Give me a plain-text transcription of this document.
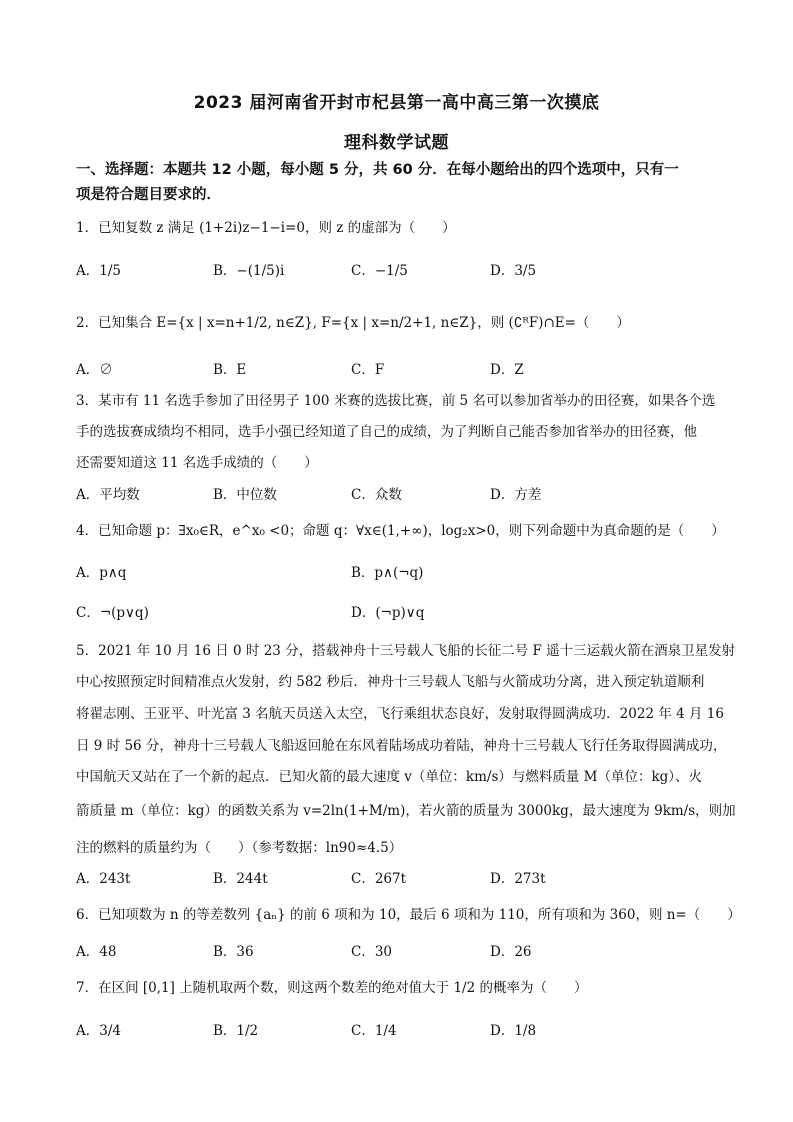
2023 届河南省开封市杞县第一高中高三第一次摸底
理科数学试题
一、选择题：本题共 12 小题，每小题 5 分，共 60 分．在每小题给出的四个选项中，只有一
项是符合题目要求的．
1．已知复数 z 满足 (1+2i)z−1−i=0，则 z 的虚部为（　　）
A．1/5	B．−(1/5)i	C．−1/5	D．3/5
2．已知集合 E={x | x=n+1/2, n∈Z}, F={x | x=n/2+1, n∈Z}，则 (∁ᴿF)∩E=（　　）
A．∅	B．E	C．F	D．Z
3．某市有 11 名选手参加了田径男子 100 米赛的选拔比赛，前 5 名可以参加省举办的田径赛，如果各个选
手的选拔赛成绩均不相同，选手小强已经知道了自己的成绩，为了判断自己能否参加省举办的田径赛，他
还需要知道这 11 名选手成绩的（　　）
A．平均数	B．中位数	C．众数	D．方差
4．已知命题 p：∃x₀∈R，e^x₀ <0；命题 q：∀x∈(1,+∞)，log₂x>0，则下列命题中为真命题的是（　　）
A．p∧q	B．p∧(¬q)
C．¬(p∨q)	D．(¬p)∨q
5．2021 年 10 月 16 日 0 时 23 分，搭载神舟十三号载人飞船的长征二号 F 遥十三运载火箭在酒泉卫星发射
中心按照预定时间精准点火发射，约 582 秒后．神舟十三号载人飞船与火箭成功分离，进入预定轨道顺利
将翟志刚、王亚平、叶光富 3 名航天员送入太空，飞行乘组状态良好，发射取得圆满成功．2022 年 4 月 16
日 9 时 56 分，神舟十三号载人飞船返回舱在东风着陆场成功着陆，神舟十三号载人飞行任务取得圆满成功，
中国航天又站在了一个新的起点．已知火箭的最大速度 v（单位：km/s）与燃料质量 M（单位：kg）、火
箭质量 m（单位：kg）的函数关系为 v=2ln(1+M/m)，若火箭的质量为 3000kg，最大速度为 9km/s，则加
注的燃料的质量约为（　　）（参考数据：ln90≈4.5）
A．243t	B．244t	C．267t	D．273t
6．已知项数为 n 的等差数列 {aₙ} 的前 6 项和为 10，最后 6 项和为 110，所有项和为 360，则 n=（　　）
A．48	B．36	C．30	D．26
7．在区间 [0,1] 上随机取两个数，则这两个数差的绝对值大于 1/2 的概率为（　　）
A．3/4	B．1/2	C．1/4	D．1/8
